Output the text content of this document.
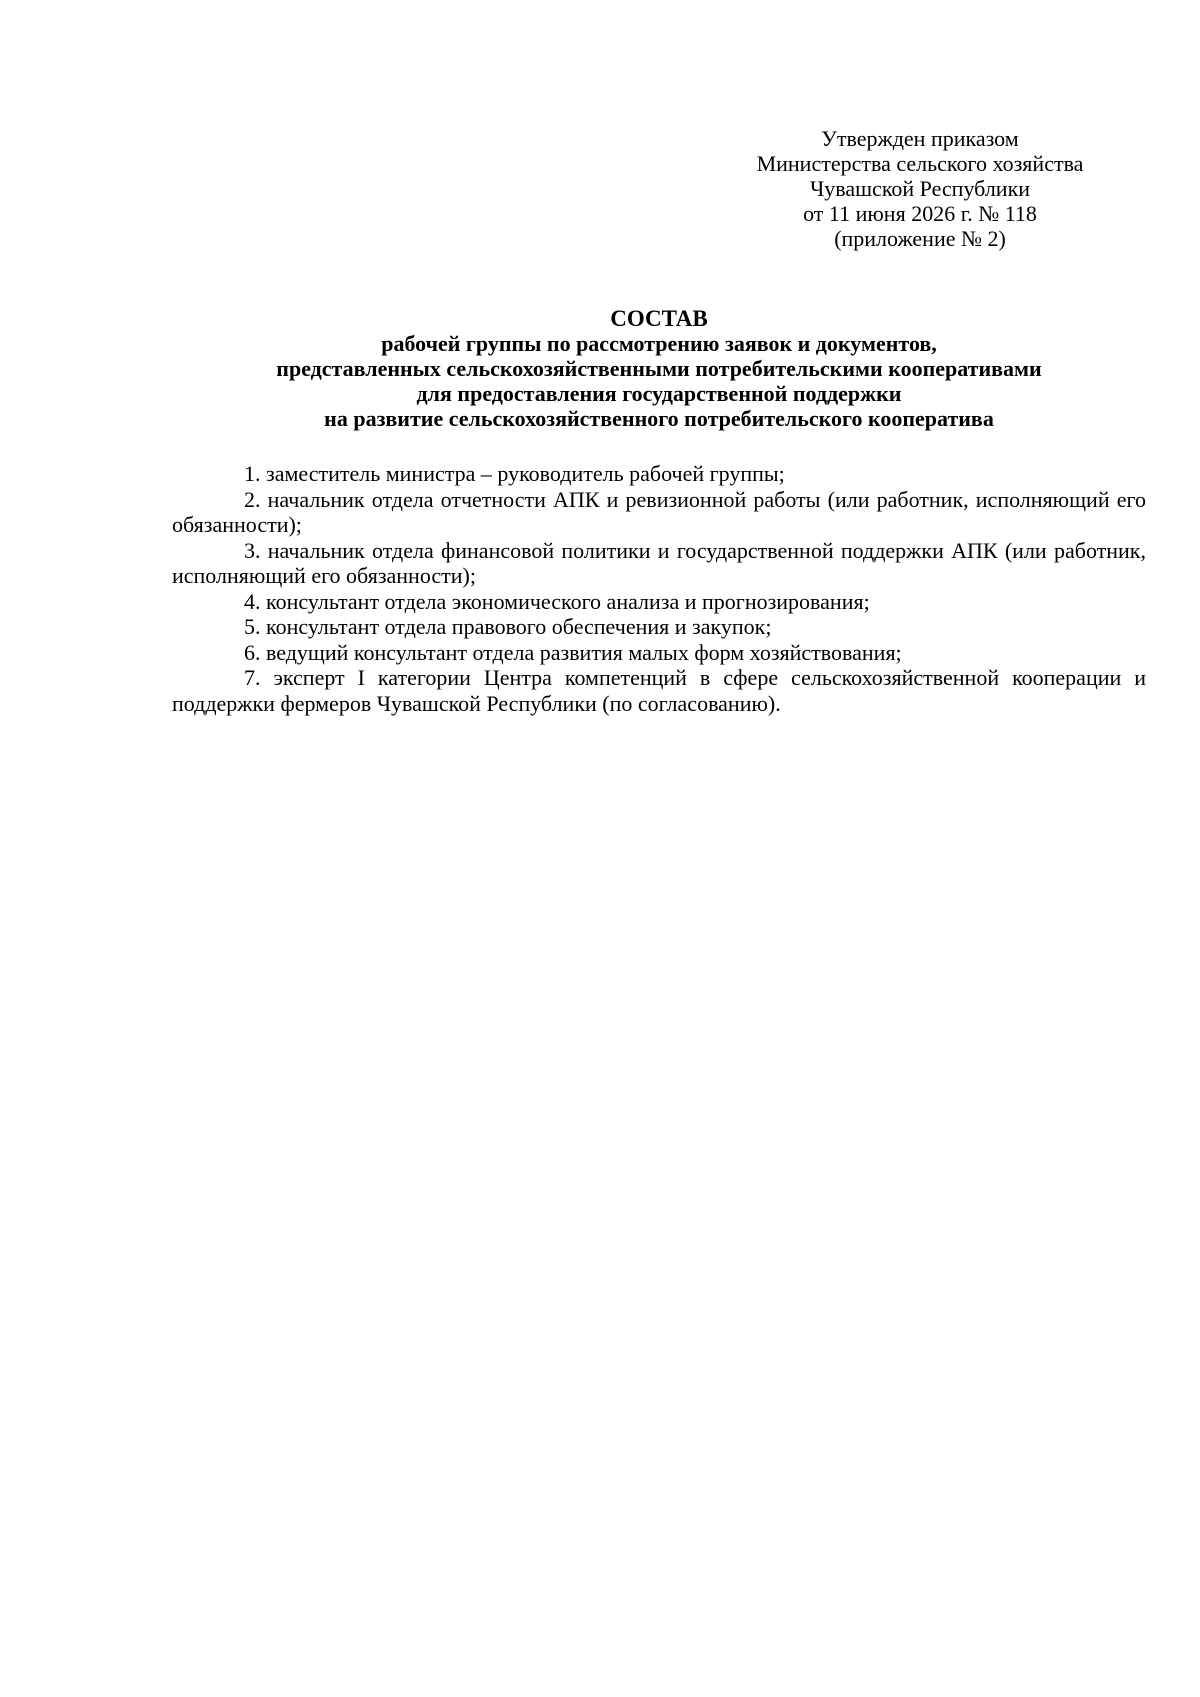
Утвержден приказом
Министерства сельского хозяйства
Чувашской Республики
от 11 июня 2026 г. № 118
(приложение № 2)
СОСТАВ
рабочей группы по рассмотрению заявок и документов,
представленных сельскохозяйственными потребительскими кооперативами
для предоставления государственной поддержки
на развитие сельскохозяйственного потребительского кооператива
1. заместитель министра – руководитель рабочей группы;
2. начальник отдела отчетности АПК и ревизионной работы (или работник, исполняющий его обязанности);
3. начальник отдела финансовой политики и государственной поддержки АПК (или работник, исполняющий его обязанности);
4. консультант отдела экономического анализа и прогнозирования;
5. консультант отдела правового обеспечения и закупок;
6. ведущий консультант отдела развития малых форм хозяйствования;
7. эксперт I категории Центра компетенций в сфере сельскохозяйственной кооперации и поддержки фермеров Чувашской Республики (по согласованию).
